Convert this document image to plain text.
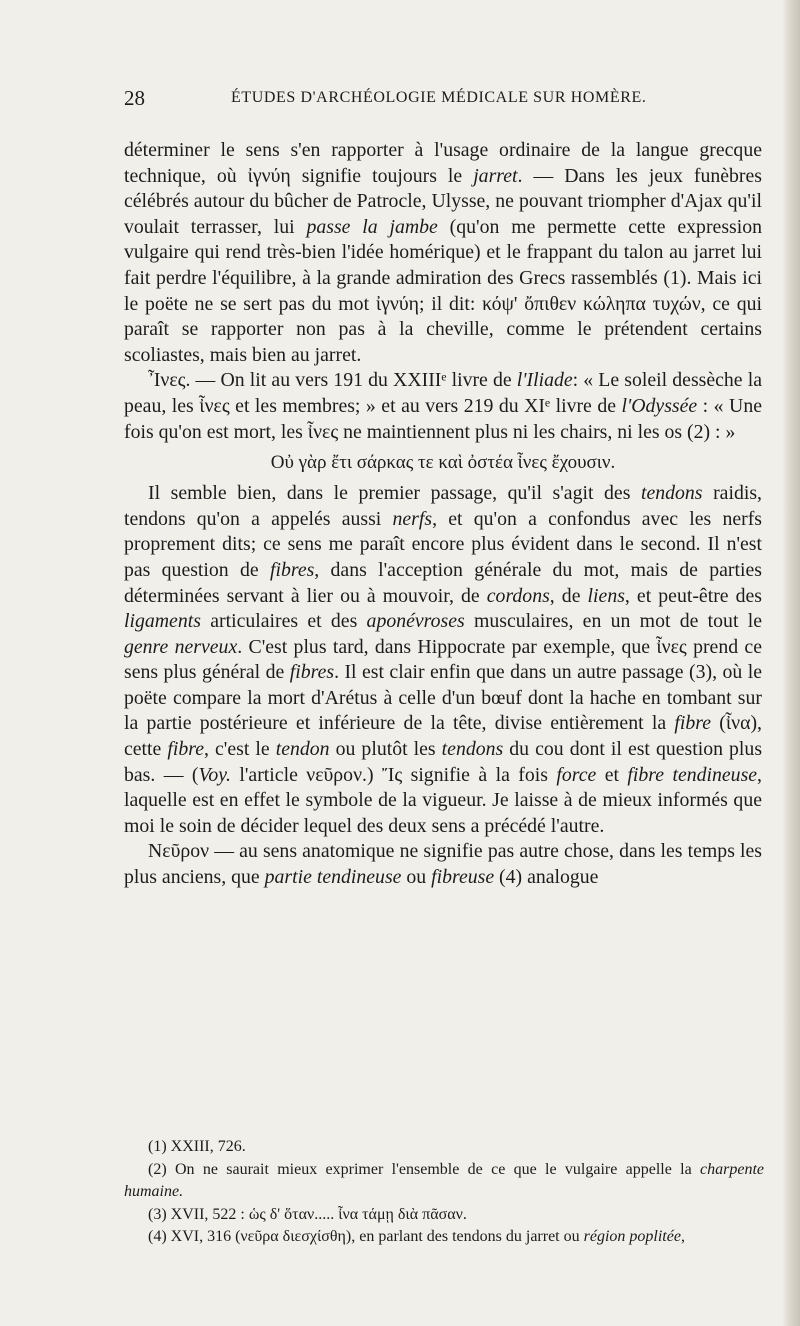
28	ÉTUDES D'ARCHÉOLOGIE MÉDICALE SUR HOMÈRE.

déterminer le sens s'en rapporter à l'usage ordinaire de la langue grecque technique, où ἰγνύη signifie toujours le jarret. — Dans les jeux funèbres célébrés autour du bûcher de Patrocle, Ulysse, ne pouvant triompher d'Ajax qu'il voulait terrasser, lui passe la jambe (qu'on me permette cette expression vulgaire qui rend très-bien l'idée homérique) et le frappant du talon au jarret lui fait perdre l'équilibre, à la grande admiration des Grecs rassemblés (1). Mais ici le poëte ne se sert pas du mot ἰγνύη; il dit: κόψ' ὄπιθεν κώληπα τυχών, ce qui paraît se rapporter non pas à la cheville, comme le prétendent certains scoliastes, mais bien au jarret.

Ἶνες. — On lit au vers 191 du XXIIIᵉ livre de l'Iliade: « Le soleil dessèche la peau, les ἶνες et les membres; » et au vers 219 du XIᵉ livre de l'Odyssée : « Une fois qu'on est mort, les ἶνες ne maintiennent plus ni les chairs, ni les os (2) : »

Οὐ γὰρ ἔτι σάρκας τε καὶ ὀστέα ἶνες ἔχουσιν.

Il semble bien, dans le premier passage, qu'il s'agit des tendons raidis, tendons qu'on a appelés aussi nerfs, et qu'on a confondus avec les nerfs proprement dits; ce sens me paraît encore plus évident dans le second. Il n'est pas question de fibres, dans l'acception générale du mot, mais de parties déterminées servant à lier ou à mouvoir, de cordons, de liens, et peut-être des ligaments articulaires et des aponévroses musculaires, en un mot de tout le genre nerveux. C'est plus tard, dans Hippocrate par exemple, que ἶνες prend ce sens plus général de fibres. Il est clair enfin que dans un autre passage (3), où le poëte compare la mort d'Arétus à celle d'un bœuf dont la hache en tombant sur la partie postérieure et inférieure de la tête, divise entièrement la fibre (ἶνα), cette fibre, c'est le tendon ou plutôt les tendons du cou dont il est question plus bas. — (Voy. l'article νεῦρον.) Ἴς signifie à la fois force et fibre tendineuse, laquelle est en effet le symbole de la vigueur. Je laisse à de mieux informés que moi le soin de décider lequel des deux sens a précédé l'autre.

Νεῦρον — au sens anatomique ne signifie pas autre chose, dans les temps les plus anciens, que partie tendineuse ou fibreuse (4) analogue

(1) XXIII, 726.

(2) On ne saurait mieux exprimer l'ensemble de ce que le vulgaire appelle la charpente humaine.

(3) XVII, 522 : ὡς δ' ὅταν..... ἶνα τάμῃ διὰ πᾶσαν.

(4) XVI, 316 (νεῦρα διεσχίσθη), en parlant des tendons du jarret ou région poplitée,
